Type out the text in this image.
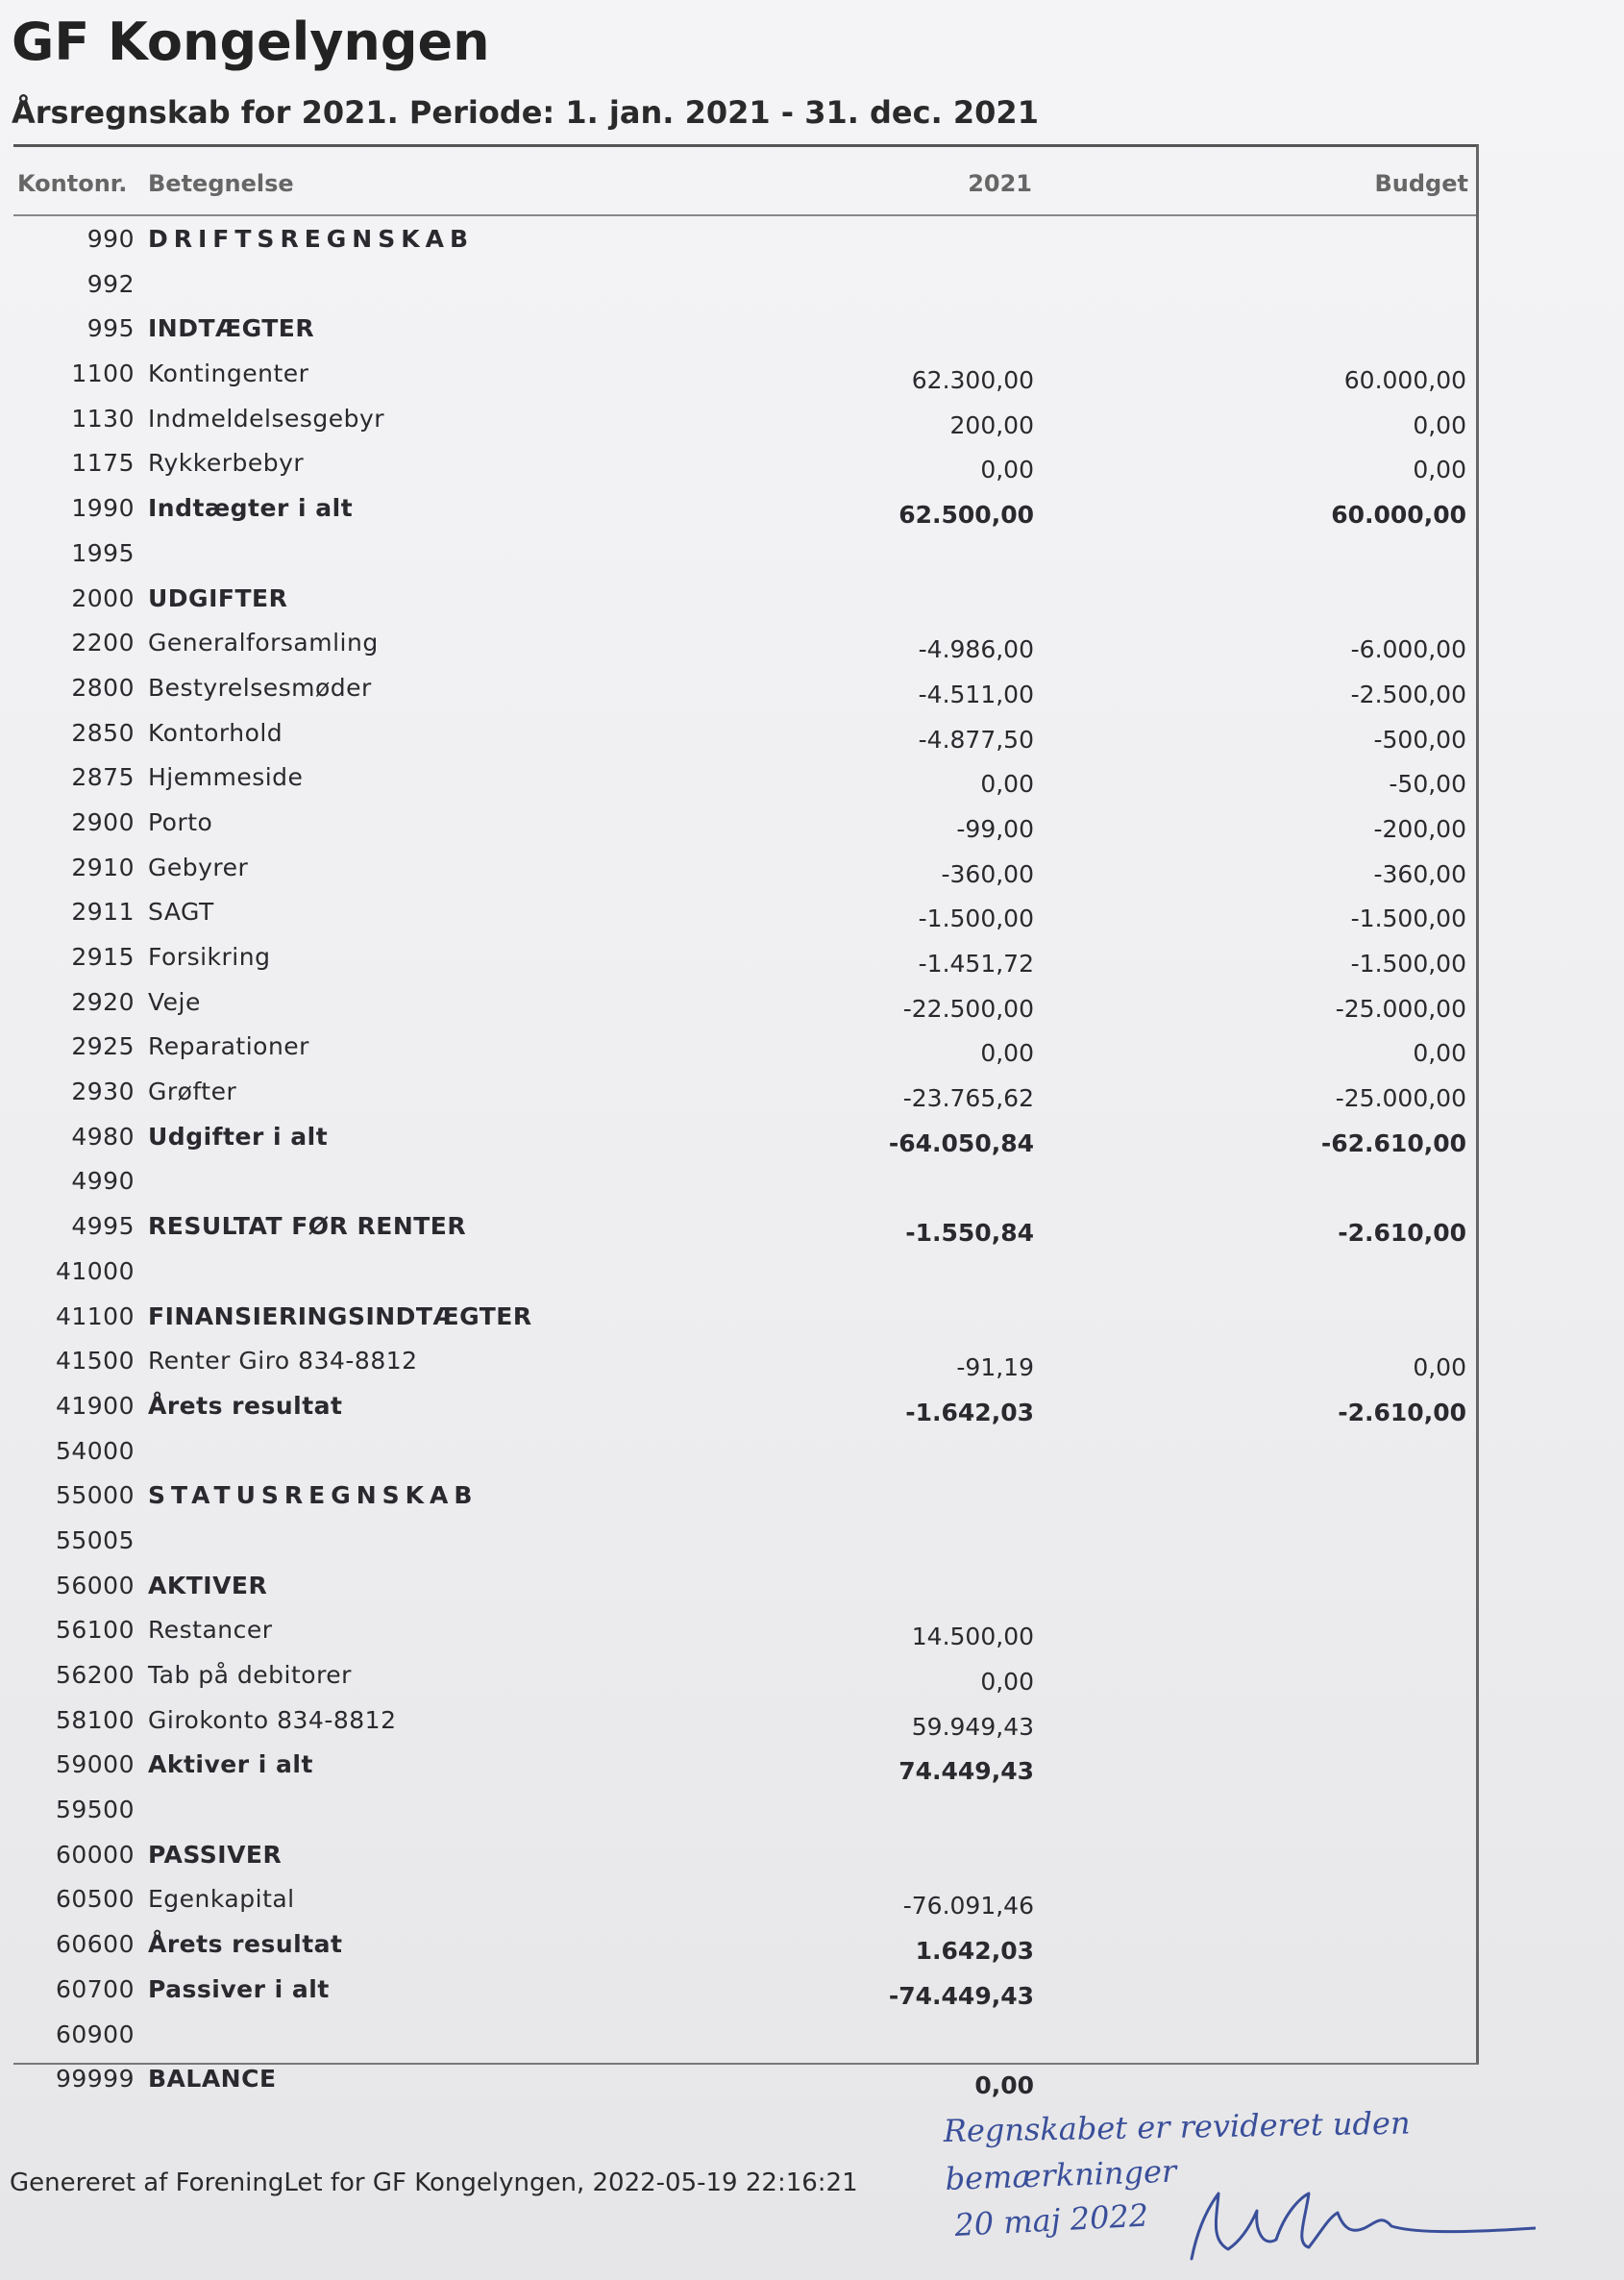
GF Kongelyngen
Årsregnskab for 2021. Periode: 1. jan. 2021 - 31. dec. 2021
Kontonr. Betegnelse	2021	Budget
990 DRIFTSREGNSKAB
992
995 INDTÆGTER
1100 Kontingenter	62.300,00	60.000,00
1130 Indmeldelsesgebyr	200,00	0,00
1175 Rykkerbebyr	0,00	0,00
1990 Indtægter i alt	62.500,00	60.000,00
1995
2000 UDGIFTER
2200 Generalforsamling	-4.986,00	-6.000,00
2800 Bestyrelsesmøder	-4.511,00	-2.500,00
2850 Kontorhold	-4.877,50	-500,00
2875 Hjemmeside	0,00	-50,00
2900 Porto	-99,00	-200,00
2910 Gebyrer	-360,00	-360,00
2911 SAGT	-1.500,00	-1.500,00
2915 Forsikring	-1.451,72	-1.500,00
2920 Veje	-22.500,00	-25.000,00
2925 Reparationer	0,00	0,00
2930 Grøfter	-23.765,62	-25.000,00
4980 Udgifter i alt	-64.050,84	-62.610,00
4990
4995 RESULTAT FØR RENTER	-1.550,84	-2.610,00
41000
41100 FINANSIERINGSINDTÆGTER
41500 Renter Giro 834-8812	-91,19	0,00
41900 Årets resultat	-1.642,03	-2.610,00
54000
55000 STATUSREGNSKAB
55005
56000 AKTIVER
56100 Restancer	14.500,00
56200 Tab på debitorer	0,00
58100 Girokonto 834-8812	59.949,43
59000 Aktiver i alt	74.449,43
59500
60000 PASSIVER
60500 Egenkapital	-76.091,46
60600 Årets resultat	1.642,03
60700 Passiver i alt	-74.449,43
60900
99999 BALANCE	0,00
Genereret af ForeningLet for GF Kongelyngen, 2022-05-19 22:16:21
Regnskabet er revideret uden
bemærkninger
20 maj 2022
